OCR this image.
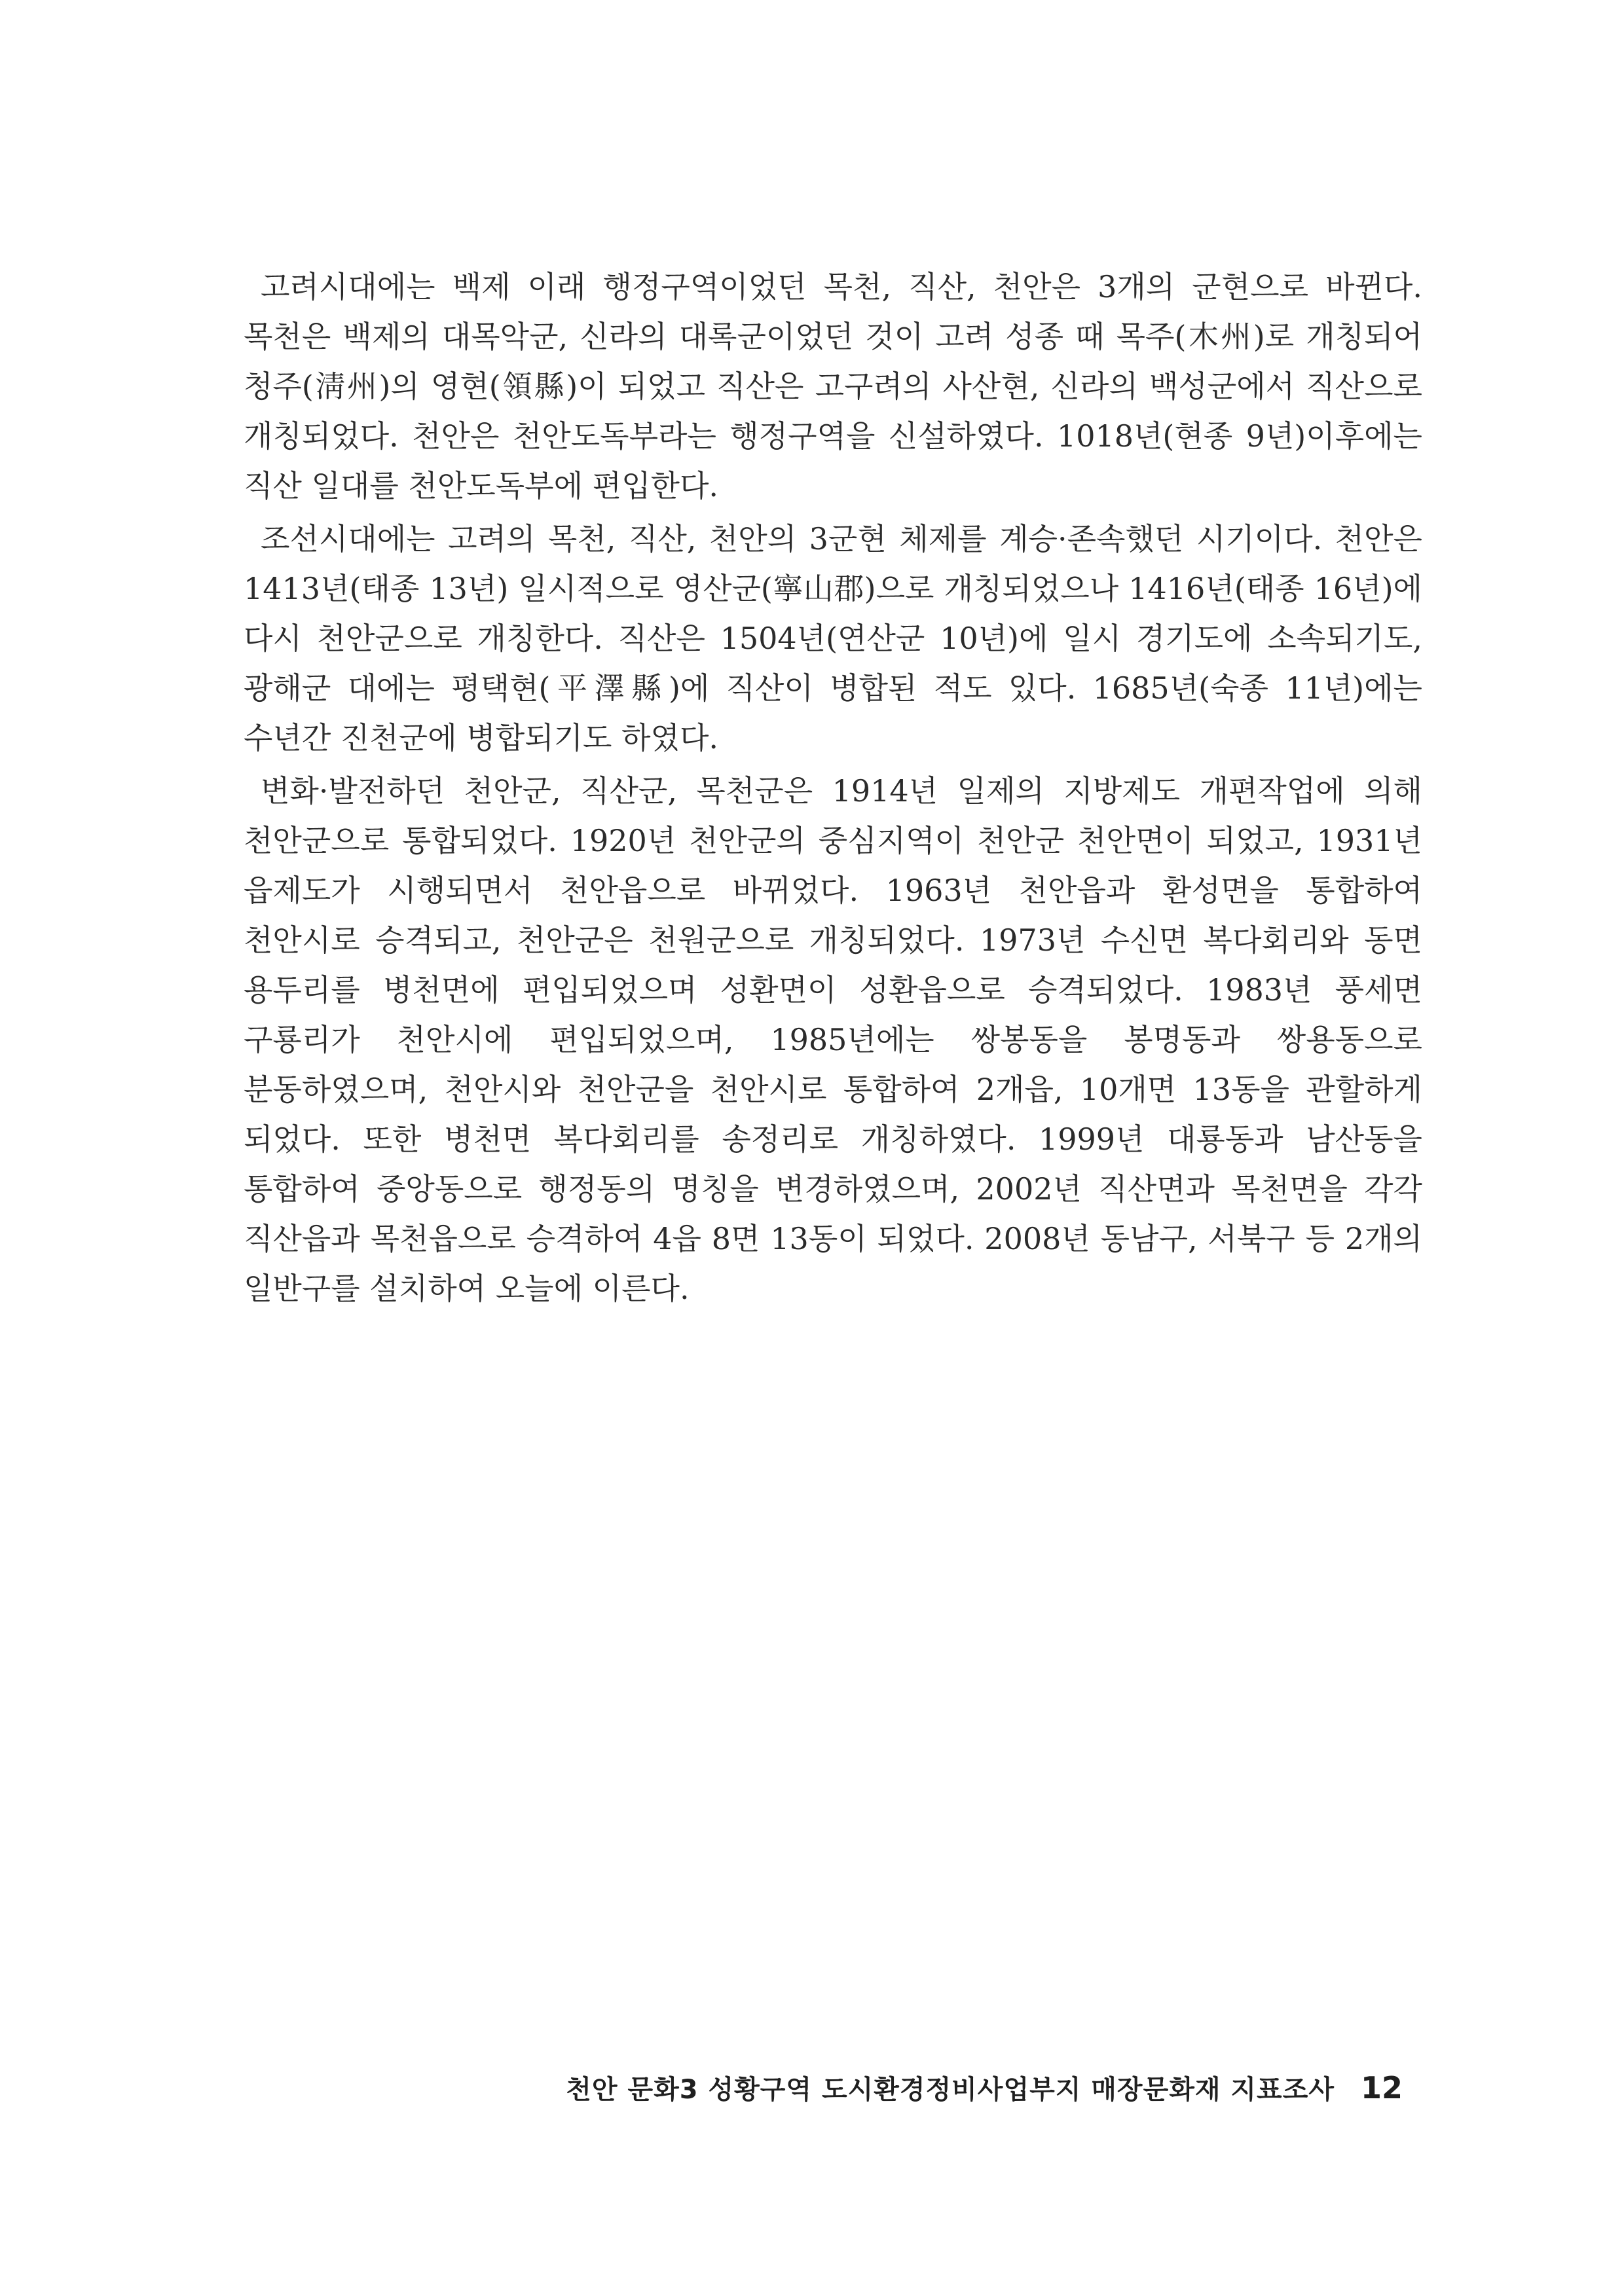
고려시대에는 백제 이래 행정구역이었던 목천, 직산, 천안은 3개의 군현으로 바뀐다. 목천은 백제의 대목악군, 신라의 대록군이었던 것이 고려 성종 때 목주(木州)로 개칭되어 청주(淸州)의 영현(領縣)이 되었고 직산은 고구려의 사산현, 신라의 백성군에서 직산으로 개칭되었다. 천안은 천안도독부라는 행정구역을 신설하였다. 1018년(현종 9년)이후에는 직산 일대를 천안도독부에 편입한다.

조선시대에는 고려의 목천, 직산, 천안의 3군현 체제를 계승·존속했던 시기이다. 천안은 1413년(태종 13년) 일시적으로 영산군(寧山郡)으로 개칭되었으나 1416년(태종 16년)에 다시 천안군으로 개칭한다. 직산은 1504년(연산군 10년)에 일시 경기도에 소속되기도, 광해군 대에는 평택현(平澤縣)에 직산이 병합된 적도 있다. 1685년(숙종 11년)에는 수년간 진천군에 병합되기도 하였다.

변화·발전하던 천안군, 직산군, 목천군은 1914년 일제의 지방제도 개편작업에 의해 천안군으로 통합되었다. 1920년 천안군의 중심지역이 천안군 천안면이 되었고, 1931년 읍제도가 시행되면서 천안읍으로 바뀌었다. 1963년 천안읍과 환성면을 통합하여 천안시로 승격되고, 천안군은 천원군으로 개칭되었다. 1973년 수신면 복다회리와 동면 용두리를 병천면에 편입되었으며 성환면이 성환읍으로 승격되었다. 1983년 풍세면 구룡리가 천안시에 편입되었으며, 1985년에는 쌍봉동을 봉명동과 쌍용동으로 분동하였으며, 천안시와 천안군을 천안시로 통합하여 2개읍, 10개면 13동을 관할하게 되었다. 또한 병천면 복다회리를 송정리로 개칭하였다. 1999년 대룡동과 남산동을 통합하여 중앙동으로 행정동의 명칭을 변경하였으며, 2002년 직산면과 목천면을 각각 직산읍과 목천읍으로 승격하여 4읍 8면 13동이 되었다. 2008년 동남구, 서북구 등 2개의 일반구를 설치하여 오늘에 이른다.

천안 문화3 성황구역 도시환경정비사업부지 매장문화재 지표조사 12
